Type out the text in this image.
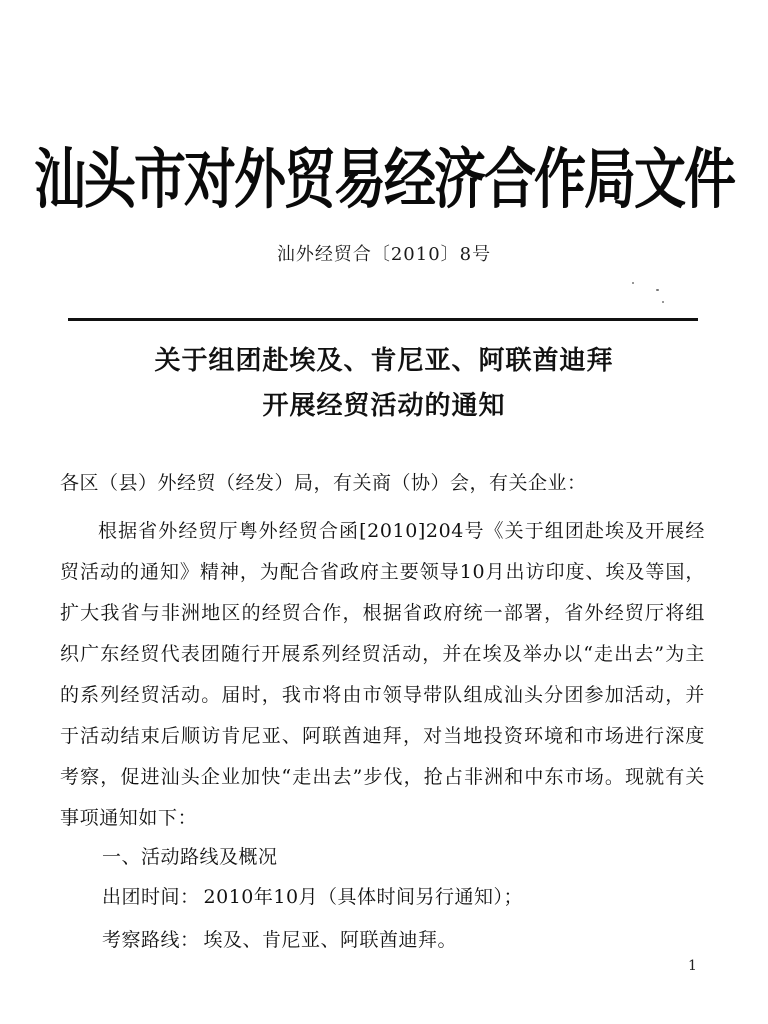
汕头市对外贸易经济合作局文件
汕外经贸合〔2010〕8号
关于组团赴埃及、肯尼亚、阿联酋迪拜
开展经贸活动的通知
各区（县）外经贸（经发）局，有关商（协）会，有关企业：
根据省外经贸厅粤外经贸合函[2010]204号《关于组团赴埃及开展经贸活动的通知》精神，为配合省政府主要领导10月出访印度、埃及等国，扩大我省与非洲地区的经贸合作，根据省政府统一部署，省外经贸厅将组织广东经贸代表团随行开展系列经贸活动，并在埃及举办以“走出去”为主的系列经贸活动。届时，我市将由市领导带队组成汕头分团参加活动，并于活动结束后顺访肯尼亚、阿联酋迪拜，对当地投资环境和市场进行深度考察，促进汕头企业加快“走出去”步伐，抢占非洲和中东市场。现就有关事项通知如下：
一、活动路线及概况
出团时间： 2010年10月（具体时间另行通知）；
考察路线： 埃及、肯尼亚、阿联酋迪拜。
1
